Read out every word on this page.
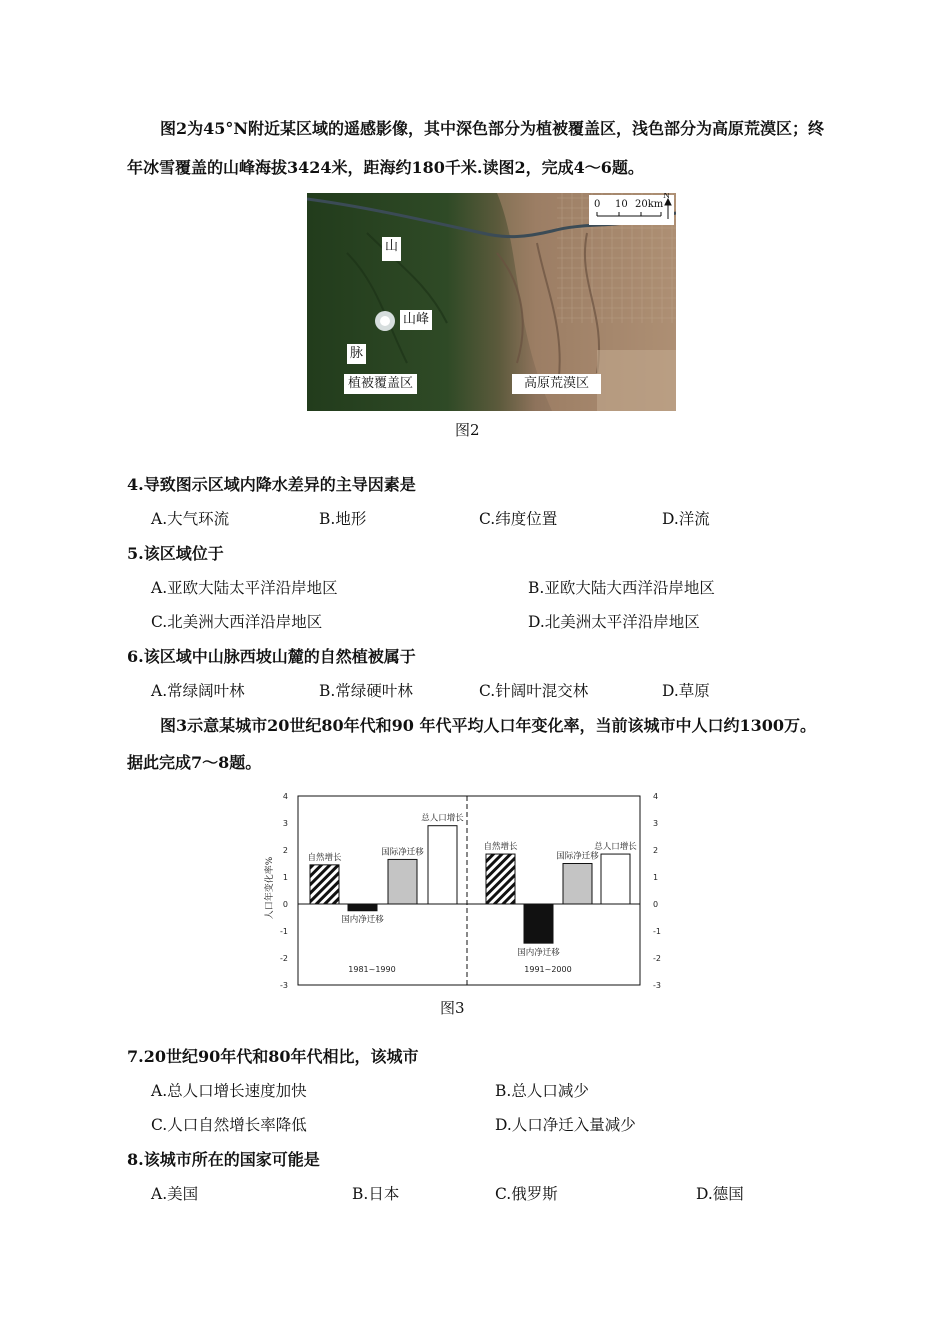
图2为45°N附近某区域的遥感影像，其中深色部分为植被覆盖区，浅色部分为高原荒漠区；终
年冰雪覆盖的山峰海拔3424米，距海约180千米.读图2，完成4～6题。
山
山峰
脉
植被覆盖区	高原荒漠区
0 10 20km
N
图2
4.导致图示区域内降水差异的主导因素是
A.大气环流	B.地形	C.纬度位置	D.洋流
5.该区域位于
A.亚欧大陆太平洋沿岸地区	B.亚欧大陆大西洋沿岸地区
C.北美洲大西洋沿岸地区	D.北美洲太平洋沿岸地区
6.该区域中山脉西坡山麓的自然植被属于
A.常绿阔叶林	B.常绿硬叶林	C.针阔叶混交林	D.草原
图3示意某城市20世纪80年代和90 年代平均人口年变化率，当前该城市中人口约1300万。
据此完成7～8题。
人口年变化率%
4	4
3	3
2	2
1	1
0	0
-1	-1
-2	-2
-3	-3
自然增长
国内净迁移
国际净迁移
总人口增长
1981~1990
自然增长
国内净迁移
国际净迁移
总人口增长
1991~2000
图3
7.20世纪90年代和80年代相比，该城市
A.总人口增长速度加快	B.总人口减少
C.人口自然增长率降低	D.人口净迁入量减少
8.该城市所在的国家可能是
A.美国	B.日本	C.俄罗斯	D.德国
